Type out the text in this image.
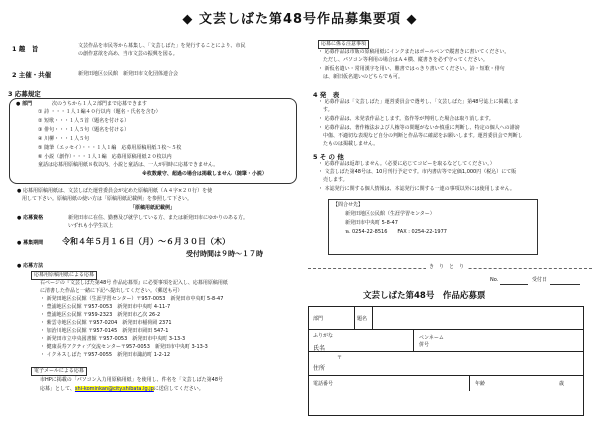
◆ 文芸しばた第48号作品募集要項 ◆
1 趣　旨	文芸作品を市民等から募集し、「文芸しばた」を発行することにより、市民
の創作意欲を高め、当市文芸の振興を図る。
2 主催・共催	新発田地区公民館　新発田市文化団体連合会
3 応募規定
● 部門	次のうちから１人２部門まで応募できます
① 詩 ・・・１人１編４０行以内（題名・氏名を含む）
② 短歌・・・１人５首（題名を付ける）
③ 俳句・・・１人５句（題名を付ける）
④ 川柳・・・１人５句
⑤ 随筆（エッセイ）・・・１人１編　応募用原稿用紙３枚～５枚
⑥ 小説（創作）・・・１人１編　応募用原稿用紙２０枚以内
童話は応募用原稿用紙８枚以内、小説と童話は、一人が同時に応募できません。
※枚数厳守、超過の場合は掲載しません（随筆・小説）
● 応募用原稿用紙は、文芸しばた運営委員会が定めた原稿用紙（Ａ４字×２０行）を使
　用して下さい。原稿用紙の使い方は「原稿用紙記載例」を参照して下さい。
「原稿用紙記載例」
● 応募資格	新発田市に在住、勤務及び就学している方、または新発田市にゆかりのある方。
いずれも小学生以上
● 募集期間 令和４年５月１６日（月）～６月３０日（木）
受付時間は９時～１７時
● 応募方法
応募用原稿用紙による応募
右ページの『文芸しばた第48号 作品応募票』に必要事項を記入し、応募用原稿用紙
に清書した作品と一緒に下記へ提出してください。（郵送も可）
・ 新発田地区公民館（生涯学習センター）〒957-0053　新発田市中央町 5-8-47
・ 豊浦地区公民館 〒957-0053　新発田市中央町 4-11-7
・ 豊浦地区公民館 〒959-2323　新発田市乙次 26-2
・ 紫雲寺地区公民館 〒957-0204　新発田市稲荷岡 2371
・ 加治川地区公民館 〒957-0145　新発田市岡田 547-1
・ 新発田市立中央図書館 〒957-0053　新発田市中央町 3-13-3
・ 健康長寿アクティブ交流センター〒957-0053　新発田市中央町 3-13-3
・ イクネスしばた 〒957-0055　新発田市諏訪町 1-2-12
電子メールによる応募
市HPに掲載の「パソコン入力用原稿用紙」を使用し、件名を「文芸しばた第48号
応募」として、shi-kominkan@city.shibata.lg.jpに送信してください。
応募に係る注意事項
・ 応募作品は市販の原稿用紙にインクまたはボールペンで縦書きに書いてください。
　ただし、パソコン等利用の場合はＡ４横、縦書きを必ず守ってください。
・ 新仮名遣い・常用漢字を用い、難書ではっきり書いてください。詩・短歌・俳句
　は、新旧仮名遣いのどちらでも可。
4 発　表
・ 応募作品は「文芸しばた」運営委員会で選考し、「文芸しばた」第48号誌上に掲載しま
　す。
・ 応募作品は、未発表作品とします。盗作等が判明した場合は取り消します。
・ 応募作品は、著作権法および人権等の問題がないか慎重に判断し、特定の個人への誹謗
　中傷、不適切な表現など自分の判断と作品等に確認をお願いします。運営委員会で判断し
　たものは掲載しません。
5 そ の 他
・ 応募作品は返却しません。（必要に応じてコピーを取るなどしてください。）
・ 文芸しばた第48号は、10月刊行予定です。市内書店等で定価1,000円（税込）にて販
　売します。
・ 本誌発行に関する個人情報は、本誌発行に関する一連の事項以外には使用しません。
【問合せ先】
新発田地区公民館（生涯学習センター）
新発田市中央町 5-8-47
℡ 0254-22-8516　　FAX : 0254-22-1977
き　り　と　り
No.	受付日
文芸しばた第48号　作品応募票
部門	題名
ふりがな
氏名
ペンネーム
併号
〒
住所
電話番号	年齢	歳
